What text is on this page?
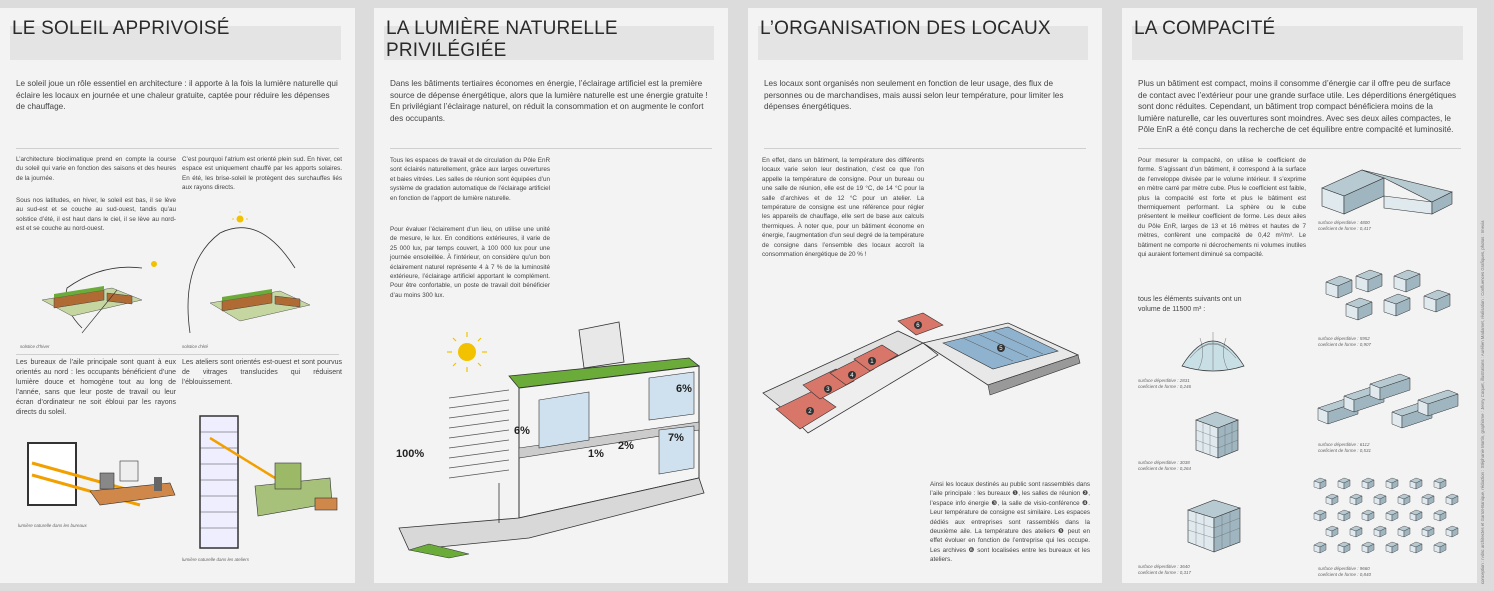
LE SOLEIL APPRIVOISÉ
Le soleil joue un rôle essentiel en architecture : il apporte à la fois la lumière naturelle qui éclaire les locaux en journée et une chaleur gratuite, captée pour réduire les dépenses de chauffage.
L’architecture bioclimatique prend en compte la course du soleil qui varie en fonction des saisons et des heures de la journée.
Sous nos latitudes, en hiver, le soleil est bas, il se lève au sud-est et se couche au sud-ouest, tandis qu’au solstice d’été, il est haut dans le ciel, il se lève au nord-est et se couche au nord-ouest.
C’est pourquoi l’atrium est orienté plein sud. En hiver, cet espace est uniquement chauffé par les apports solaires. En été, les brise-soleil le protègent des surchauffes liés aux rayons directs.
solstice d’hiver	solstice d’été
Les bureaux de l’aile principale sont quant à eux orientés au nord : les occupants bénéficient d’une lumière douce et homogène tout au long de l’année, sans que leur poste de travail ou leur écran d’ordinateur ne soit ébloui par les rayons directs du soleil.
Les ateliers sont orientés est-ouest et sont pourvus de vitrages translucides qui réduisent l’éblouissement.
lumière naturelle dans les bureaux
lumière naturelle dans les ateliers
LA LUMIÈRE NATURELLE PRIVILÉGIÉE
Dans les bâtiments tertiaires économes en énergie, l’éclairage artificiel est la première source de dépense énergétique, alors que la lumière naturelle est une énergie gratuite ! En privilégiant l’éclairage naturel, on réduit la consommation et on augmente le confort des occupants.
Tous les espaces de travail et de circulation du Pôle EnR sont éclairés naturellement, grâce aux larges ouvertures et baies vitrées. Les salles de réunion sont équipées d’un système de gradation automatique de l’éclairage artificiel en fonction de l’apport de lumière naturelle.
Pour évaluer l’éclairement d’un lieu, on utilise une unité de mesure, le lux. En conditions extérieures, il varie de 25 000 lux, par temps couvert, à 100 000 lux pour une journée ensoleillée. À l’intérieur, on considère qu’un bon éclairement naturel représente 4 à 7 % de la luminosité extérieure, l’éclairage artificiel apportant le complément. Pour être confortable, un poste de travail doit bénéficier d’au moins 300 lux.
100%
6%
6%
1%
2%
7%
L’ORGANISATION DES LOCAUX
Les locaux sont organisés non seulement en fonction de leur usage, des flux de personnes ou de marchandises, mais aussi selon leur température, pour limiter les dépenses énergétiques.
En effet, dans un bâtiment, la température des différents locaux varie selon leur destination, c’est ce que l’on appelle la température de consigne. Pour un bureau ou une salle de réunion, elle est de 19 °C, de 14 °C pour la salle d’archives et de 12 °C pour un atelier. La température de consigne est une référence pour régler les appareils de chauffage, elle sert de base aux calculs thermiques. À noter que, pour un bâtiment économe en énergie, l’augmentation d’un seul degré de la température de consigne dans l’ensemble des locaux accroît la consommation énergétique de 20 % !
1
2
3
4
5
6
Ainsi les locaux destinés au public sont rassemblés dans l’aile principale : les bureaux ❶, les salles de réunion ❷, l’espace info énergie ❸, la salle de visio-conférence ❹. Leur température de consigne est similaire. Les espaces dédiés aux entreprises sont rassemblés dans la deuxième aile. La température des ateliers ❺ peut en effet évoluer en fonction de l’entreprise qui les occupe. Les archives ❻ sont localisées entre les bureaux et les ateliers.
LA COMPACITÉ
Plus un bâtiment est compact, moins il consomme d’énergie car il offre peu de surface de contact avec l’extérieur pour une grande surface utile. Les déperditions énergétiques sont donc réduites. Cependant, un bâtiment trop compact bénéficiera moins de la lumière naturelle, car les ouvertures sont moindres. Avec ses deux ailes compactes, le Pôle EnR a été conçu dans la recherche de cet équilibre entre compacité et luminosité.
Pour mesurer la compacité, on utilise le coefficient de forme. S’agissant d’un bâtiment, il correspond à la surface de l’enveloppe divisée par le volume intérieur. Il s’exprime en mètre carré par mètre cube. Plus le coefficient est faible, plus la compacité est forte et plus le bâtiment est thermiquement performant. La sphère ou le cube présentent le meilleur coefficient de forme. Les deux ailes du Pôle EnR, larges de 13 et 16 mètres et hautes de 7 mètres, confèrent une compacité de 0,42 m²/m³. Le bâtiment ne comporte ni décrochements ni volumes inutiles qui auraient fortement diminué sa compacité.
tous les éléments suivants ont un volume de 11500 m³ :
surface déperditive : 2831
coeficient de forme : 0,246
surface déperditive : 3038
coeficient de forme : 0,264
surface déperditive : 3640
coeficient de forme : 0,317
surface déperditive : 4800
coeficient de forme : 0,417
surface déperditive : 5952
coeficient de forme : 0,907
surface déperditive : 6112
coeficient de forme : 0,531
surface déperditive : 9660
coeficient de forme : 0,840	conception : rvdsc architectes et Garrot-Banique, rédaction : Stéphanie Martin, graphisme : Jenny Coquet, illustrations : Aurélien Madamet, réalisation : Confluences Grafiques, photos : Imexia
